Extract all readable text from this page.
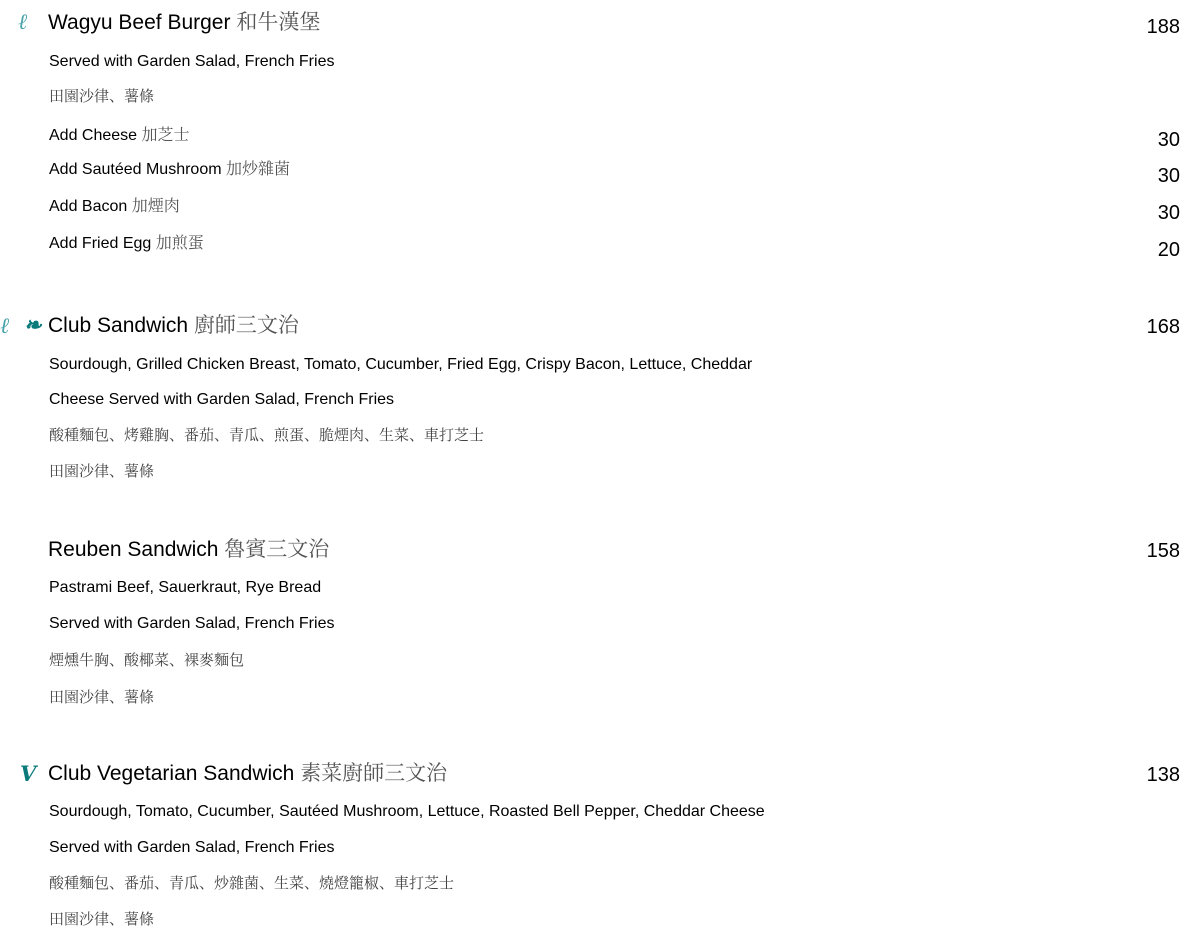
ℓ Wagyu Beef Burger 和牛漢堡	188
Served with Garden Salad, French Fries
田園沙律、薯條
Add Cheese 加芝士	30
Add Sautéed Mushroom 加炒雜菌	30
Add Bacon 加煙肉	30
Add Fried Egg 加煎蛋	20
ℓ ❧ Club Sandwich 廚師三文治	168
Sourdough, Grilled Chicken Breast, Tomato, Cucumber, Fried Egg, Crispy Bacon, Lettuce, Cheddar
Cheese Served with Garden Salad, French Fries
酸種麵包、烤雞胸、番茄、青瓜、煎蛋、脆煙肉、生菜、車打芝士
田園沙律、薯條
Reuben Sandwich 魯賓三文治	158
Pastrami Beef, Sauerkraut, Rye Bread
Served with Garden Salad, French Fries
煙燻牛胸、酸椰菜、裸麥麵包
田園沙律、薯條
V Club Vegetarian Sandwich 素菜廚師三文治	138
Sourdough, Tomato, Cucumber, Sautéed Mushroom, Lettuce, Roasted Bell Pepper, Cheddar Cheese
Served with Garden Salad, French Fries
酸種麵包、番茄、青瓜、炒雜菌、生菜、燒燈籠椒、車打芝士
田園沙律、薯條
